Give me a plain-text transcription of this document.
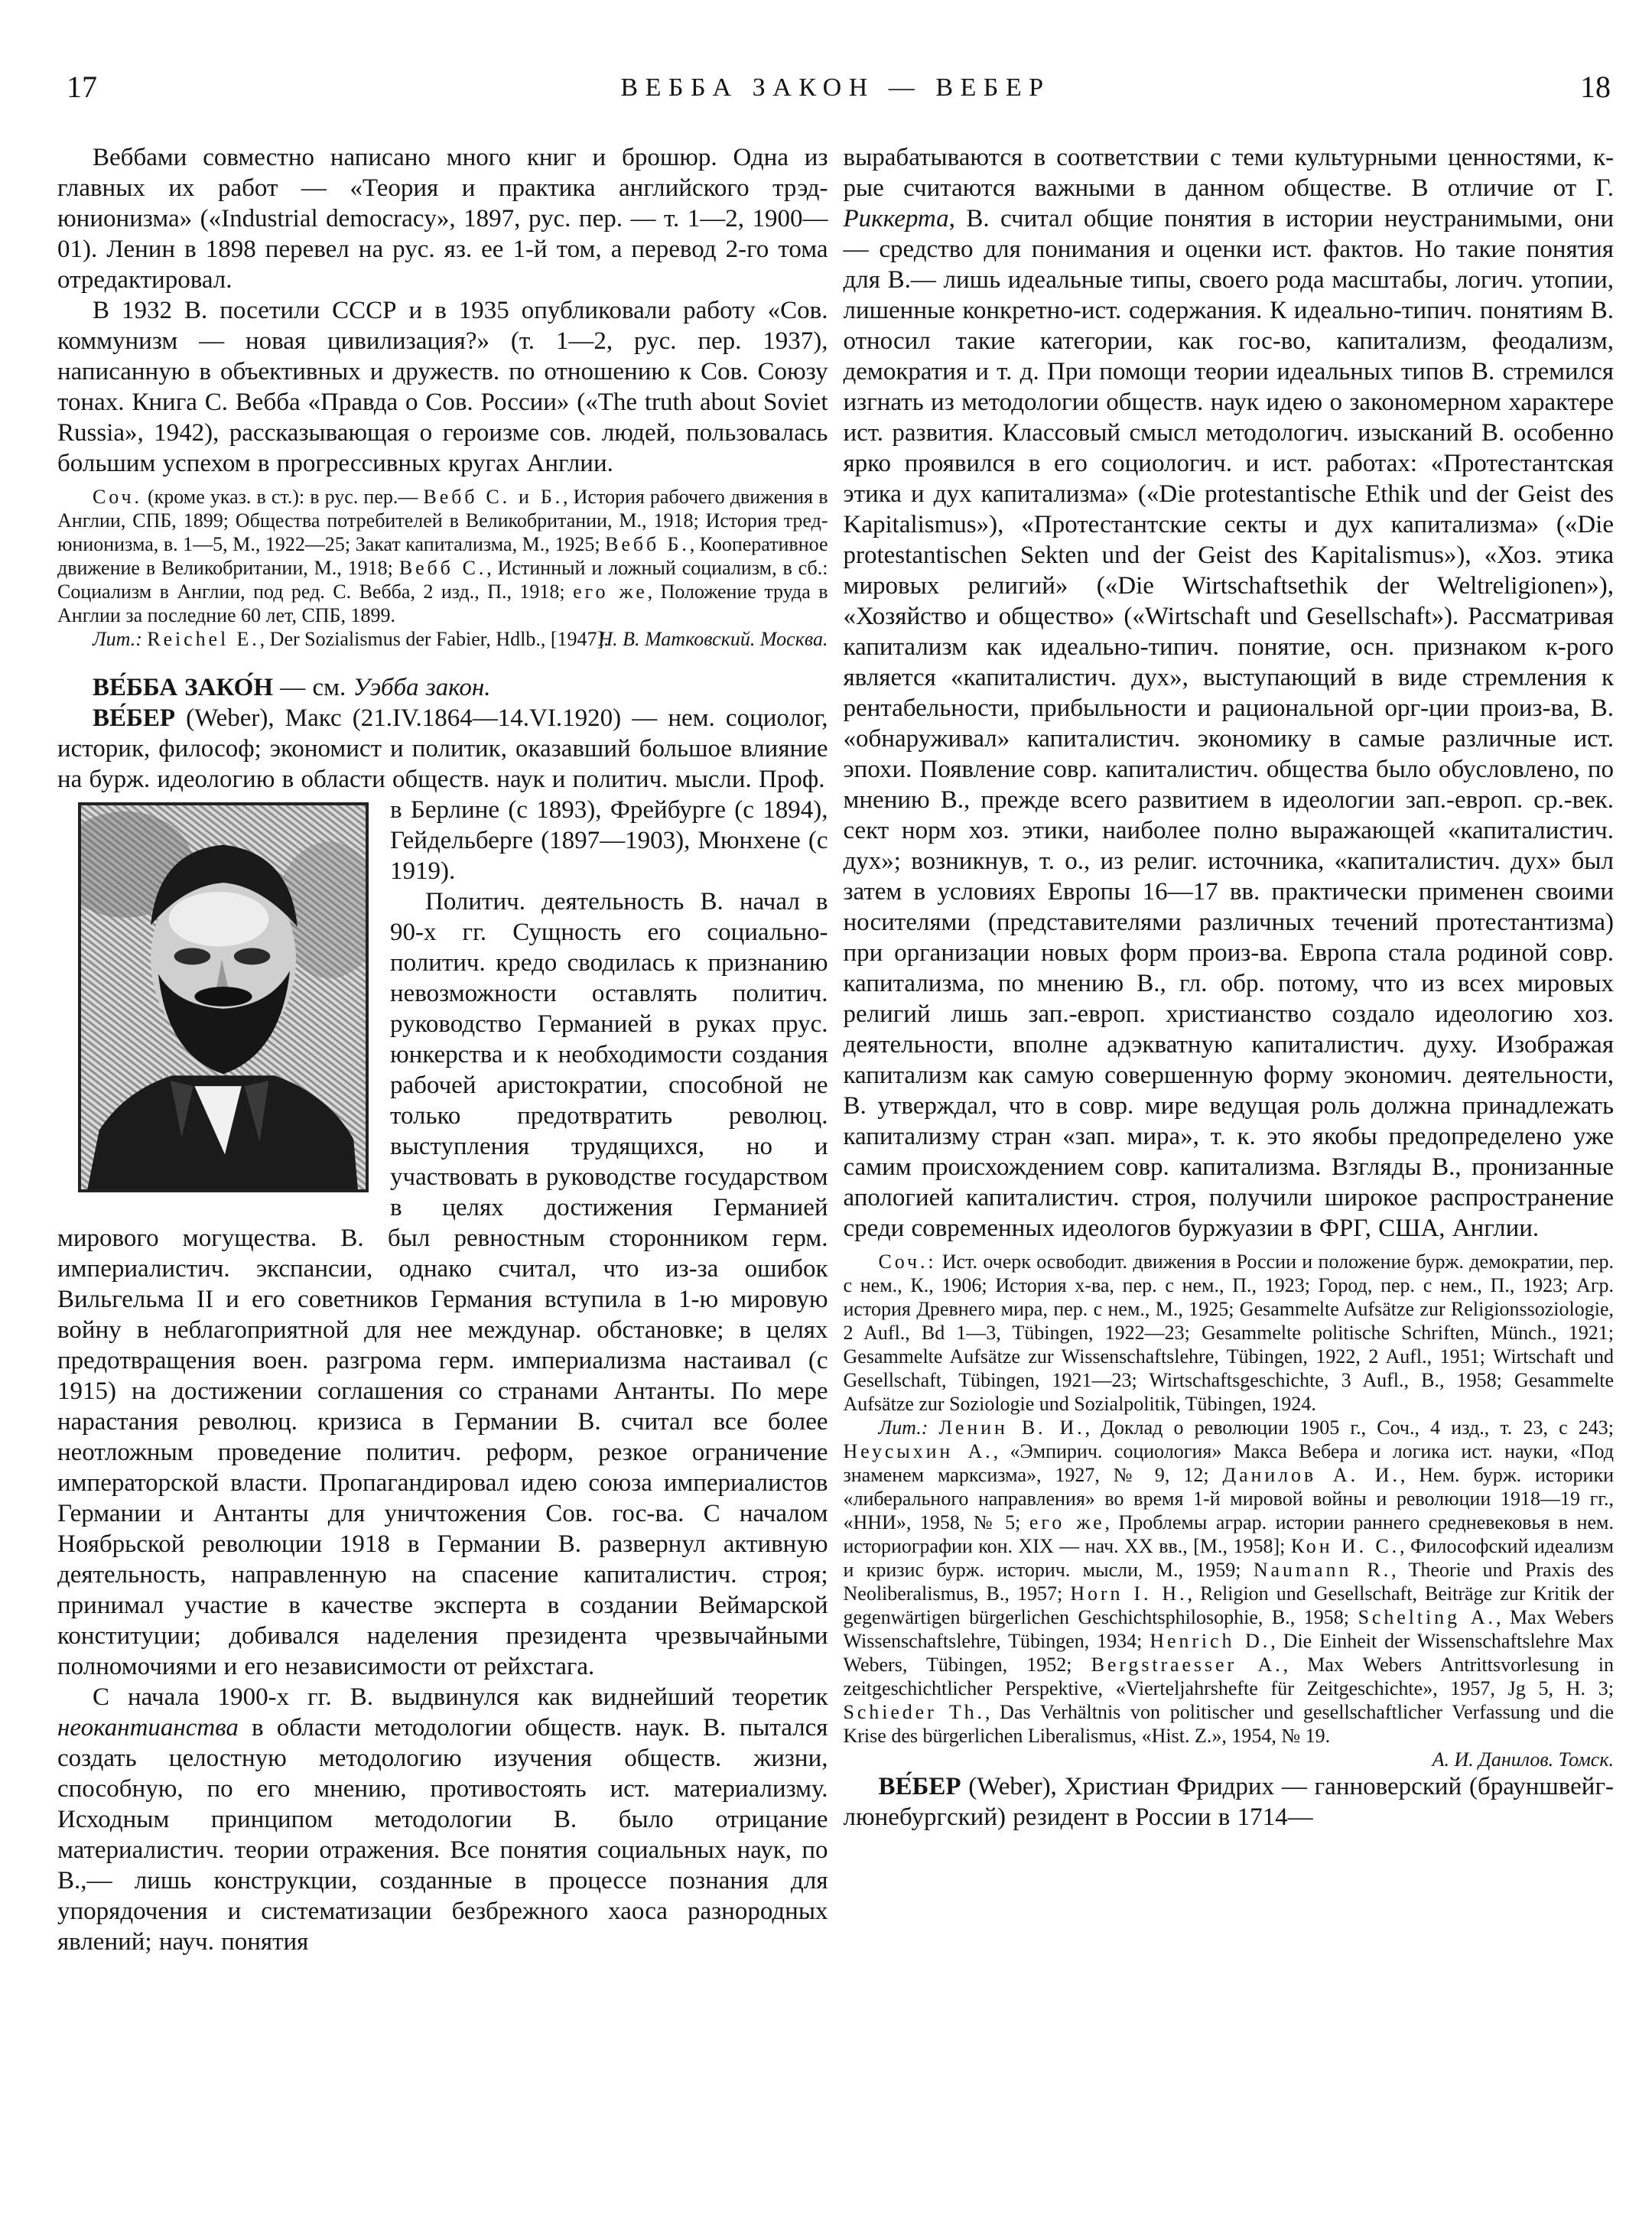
17	ВЕББА ЗАКОН — ВЕБЕР	18

Веббами совместно написано много книг и брошюр. Одна из главных их работ — «Теория и практика английского трэд-юнионизма» («Industrial democracy», 1897, рус. пер. — т. 1—2, 1900—01). Ленин в 1898 перевел на рус. яз. ее 1-й том, а перевод 2-го тома отредактировал.

В 1932 В. посетили СССР и в 1935 опубликовали работу «Сов. коммунизм — новая цивилизация?» (т. 1—2, рус. пер. 1937), написанную в объективных и дружеств. по отношению к Сов. Союзу тонах. Книга С. Вебба «Правда о Сов. России» («The truth about Soviet Russia», 1942), рассказывающая о героизме сов. людей, пользовалась большим успехом в прогрессивных кругах Англии.

Соч. (кроме указ. в ст.): в рус. пер.— Вебб С. и Б., История рабочего движения в Англии, СПБ, 1899; Общества потребителей в Великобритании, М., 1918; История тред-юнионизма, в. 1—5, М., 1922—25; Закат капитализма, М., 1925; Вебб Б., Кооперативное движение в Великобритании, М., 1918; Вебб С., Истинный и ложный социализм, в сб.: Социализм в Англии, под ред. С. Вебба, 2 изд., П., 1918; его же, Положение труда в Англии за последние 60 лет, СПБ, 1899.

Лит.: Reichel E., Der Sozialismus der Fabier, Hdlb., [1947].

Н. В. Матковский. Москва.

ВЕ́ББА ЗАКО́Н — см. Уэбба закон.

ВЕ́БЕР (Weber), Макс (21.IV.1864—14.VI.1920) — нем. социолог, историк, философ; экономист и политик, оказавший большое влияние на бурж. идеологию в области обществ. наук и политич. мысли. Проф.

в Берлине (с 1893), Фрейбурге (с 1894), Гейдельберге (1897—1903), Мюнхене (с 1919).

Политич. деятельность В. начал в 90-х гг. Сущность его социально-политич. кредо сводилась к признанию невозможности оставлять политич. руководство Германией в руках прус. юнкерства и к необходимости создания рабочей аристократии, способной не только предотвратить революц. выступления трудящихся, но и участвовать в руководстве государством в целях достижения Германией мирового могущества. В. был ревностным сторонником герм. империалистич. экспансии, однако считал, что из-за ошибок Вильгельма II и его советников Германия вступила в 1-ю мировую войну в неблагоприятной для нее междунар. обстановке; в целях предотвращения воен. разгрома герм. империализма настаивал (с 1915) на достижении соглашения со странами Антанты. По мере нарастания революц. кризиса в Германии В. считал все более неотложным проведение политич. реформ, резкое ограничение императорской власти. Пропагандировал идею союза империалистов Германии и Антанты для уничтожения Сов. гос-ва. С началом Ноябрьской революции 1918 в Германии В. развернул активную деятельность, направленную на спасение капиталистич. строя; принимал участие в качестве эксперта в создании Веймарской конституции; добивался наделения президента чрезвычайными полномочиями и его независимости от рейхстага.

С начала 1900-х гг. В. выдвинулся как виднейший теоретик неокантианства в области методологии обществ. наук. В. пытался создать целостную методологию изучения обществ. жизни, способную, по его мнению, противостоять ист. материализму. Исходным принципом методологии В. было отрицание материалистич. теории отражения. Все понятия социальных наук, по В.,— лишь конструкции, созданные в процессе познания для упорядочения и систематизации безбрежного хаоса разнородных явлений; науч. понятия

вырабатываются в соответствии с теми культурными ценностями, к-рые считаются важными в данном обществе. В отличие от Г. Риккерта, В. считал общие понятия в истории неустранимыми, они — средство для понимания и оценки ист. фактов. Но такие понятия для В.— лишь идеальные типы, своего рода масштабы, логич. утопии, лишенные конкретно-ист. содержания. К идеально-типич. понятиям В. относил такие категории, как гос-во, капитализм, феодализм, демократия и т. д. При помощи теории идеальных типов В. стремился изгнать из методологии обществ. наук идею о закономерном характере ист. развития. Классовый смысл методологич. изысканий В. особенно ярко проявился в его социологич. и ист. работах: «Протестантская этика и дух капитализма» («Die protestantische Ethik und der Geist des Kapitalismus»), «Протестантские секты и дух капитализма» («Die protestantischen Sekten und der Geist des Kapitalismus»), «Хоз. этика мировых религий» («Die Wirtschaftsethik der Weltreligionen»), «Хозяйство и общество» («Wirtschaft und Gesellschaft»). Рассматривая капитализм как идеально-типич. понятие, осн. признаком к-рого является «капиталистич. дух», выступающий в виде стремления к рентабельности, прибыльности и рациональной орг-ции произ-ва, В. «обнаруживал» капиталистич. экономику в самые различные ист. эпохи. Появление совр. капиталистич. общества было обусловлено, по мнению В., прежде всего развитием в идеологии зап.-европ. ср.-век. сект норм хоз. этики, наиболее полно выражающей «капиталистич. дух»; возникнув, т. о., из религ. источника, «капиталистич. дух» был затем в условиях Европы 16—17 вв. практически применен своими носителями (представителями различных течений протестантизма) при организации новых форм произ-ва. Европа стала родиной совр. капитализма, по мнению В., гл. обр. потому, что из всех мировых религий лишь зап.-европ. христианство создало идеологию хоз. деятельности, вполне адэкватную капиталистич. духу. Изображая капитализм как самую совершенную форму экономич. деятельности, В. утверждал, что в совр. мире ведущая роль должна принадлежать капитализму стран «зап. мира», т. к. это якобы предопределено уже самим происхождением совр. капитализма. Взгляды В., пронизанные апологией капиталистич. строя, получили широкое распространение среди современных идеологов буржуазии в ФРГ, США, Англии.

Соч.: Ист. очерк освободит. движения в России и положение бурж. демократии, пер. с нем., К., 1906; История х-ва, пер. с нем., П., 1923; Город, пер. с нем., П., 1923; Агр. история Древнего мира, пер. с нем., М., 1925; Gesammelte Aufsätze zur Religionssoziologie, 2 Aufl., Bd 1—3, Tübingen, 1922—23; Gesammelte politische Schriften, Münch., 1921; Gesammelte Aufsätze zur Wissenschaftslehre, Tübingen, 1922, 2 Aufl., 1951; Wirtschaft und Gesellschaft, Tübingen, 1921—23; Wirtschaftsgeschichte, 3 Aufl., B., 1958; Gesammelte Aufsätze zur Soziologie und Sozialpolitik, Tübingen, 1924.

Лит.: Ленин В. И., Доклад о революции 1905 г., Соч., 4 изд., т. 23, с 243; Неусыхин А., «Эмпирич. социология» Макса Вебера и логика ист. науки, «Под знаменем марксизма», 1927, № 9, 12; Данилов А. И., Нем. бурж. историки «либерального направления» во время 1-й мировой войны и революции 1918—19 гг., «ННИ», 1958, № 5; его же, Проблемы аграр. истории раннего средневековья в нем. историографии кон. XIX — нач. XX вв., [М., 1958]; Кон И. С., Философский идеализм и кризис бурж. историч. мысли, М., 1959; Naumann R., Theorie und Praxis des Neoliberalismus, B., 1957; Horn I. H., Religion und Gesellschaft, Beiträge zur Kritik der gegenwärtigen bürgerlichen Geschichtsphilosophie, B., 1958; Schelting A., Max Webers Wissenschaftslehre, Tübingen, 1934; Henrich D., Die Einheit der Wissenschaftslehre Max Webers, Tübingen, 1952; Bergstraesser A., Max Webers Antrittsvorlesung in zeitgeschichtlicher Perspektive, «Vierteljahrshefte für Zeitgeschichte», 1957, Jg 5, H. 3; Schieder Th., Das Verhältnis von politischer und gesellschaftlicher Verfassung und die Krise des bürgerlichen Liberalismus, «Hist. Z.», 1954, № 19.

А. И. Данилов. Томск.

ВЕ́БЕР (Weber), Христиан Фридрих — ганноверский (брауншвейг-люнебургский) резидент в России в 1714—
